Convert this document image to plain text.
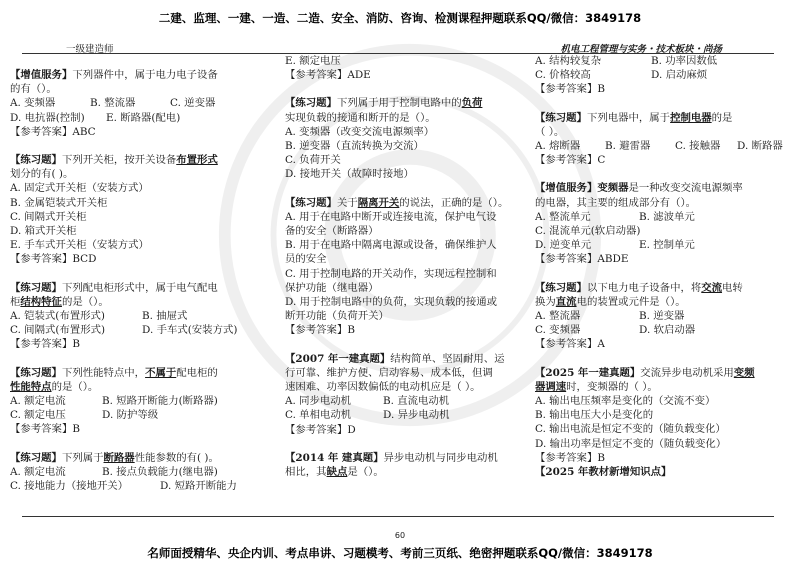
二建、监理、一建、一造、二造、安全、消防、咨询、检测课程押题联系QQ/微信：3849178
一级建造师	机电工程管理与实务・技术板块・尚扬
【增值服务】下列器件中，属于电力电子设备
的有（）。
A. 变频器	B. 整流器	C. 逆变器
D. 电抗器(控制) E. 断路器(配电)
【参考答案】ABC
【练习题】下列开关柜，按开关设备布置形式
划分的有( )。
A. 固定式开关柜（安装方式）
B. 金属铠装式开关柜
C. 间隔式开关柜
D. 箱式开关柜
E. 手车式开关柜（安装方式）
【参考答案】BCD
【练习题】下列配电柜形式中，属于电气配电
柜结构特征的是（）。
A. 铠装式(布置形式)	B. 抽屉式
C. 间隔式(布置形式)	D. 手车式(安装方式)
【参考答案】B
【练习题】下列性能特点中，不属于配电柜的
性能特点的是（）。
A. 额定电流	B. 短路开断能力(断路器)
C. 额定电压	D. 防护等级
【参考答案】B
【练习题】下列属于断路器性能参数的有( )。
A. 额定电流	B. 接点负载能力(继电器)
C. 接地能力（接地开关）	D. 短路开断能力
E. 额定电压
【参考答案】ADE
【练习题】下列属于用于控制电路中的负荷
实现负载的接通和断开的是（）。
A. 变频器（改变交流电源频率）
B. 逆变器（直流转换为交流）
C. 负荷开关
D. 接地开关（故障时接地）
【练习题】关于隔离开关的说法，正确的是（）。
A. 用于在电路中断开或连接电流，保护电气设
备的安全（断路器）
B. 用于在电路中隔离电源或设备，确保维护人
员的安全
C. 用于控制电路的开关动作，实现远程控制和
保护功能（继电器）
D. 用于控制电路中的负荷，实现负载的接通或
断开功能（负荷开关）
【参考答案】B
【2007 年一建真题】结构简单、坚固耐用、运
行可靠、维护方便、启动容易、成本低，但调
速困难、功率因数偏低的电动机应是（ ）。
A. 同步电动机	B. 直流电动机
C. 单相电动机	D. 异步电动机
【参考答案】D
【2014 年 建真题】异步电动机与同步电动机
相比，其缺点是（）。
A. 结构较复杂	B. 功率因数低
C. 价格较高	D. 启动麻烦
【参考答案】B
【练习题】下列电器中，属于控制电器的是
（ ）。
A. 熔断器 B. 避雷器 C. 接触器 D. 断路器
【参考答案】C
【增值服务】变频器是一种改变交流电源频率
的电器，其主要的组成部分有（）。
A. 整流单元	B. 滤波单元
C. 混流单元(软启动器)
D. 逆变单元	E. 控制单元
【参考答案】ABDE
【练习题】以下电力电子设备中，将交流电转
换为直流电的装置或元件是（）。
A. 整流器	B. 逆变器
C. 变频器	D. 软启动器
【参考答案】A
【2025 年一建真题】交流异步电动机采用变频
器调速时，变频器的（ ）。
A. 输出电压频率是变化的（交流不变）
B. 输出电压大小是变化的
C. 输出电流是恒定不变的（随负载变化）
D. 输出功率是恒定不变的（随负载变化）
【参考答案】B
【2025 年教材新增知识点】
60
名师面授精华、央企内训、考点串讲、习题模考、考前三页纸、绝密押题联系QQ/微信：3849178
